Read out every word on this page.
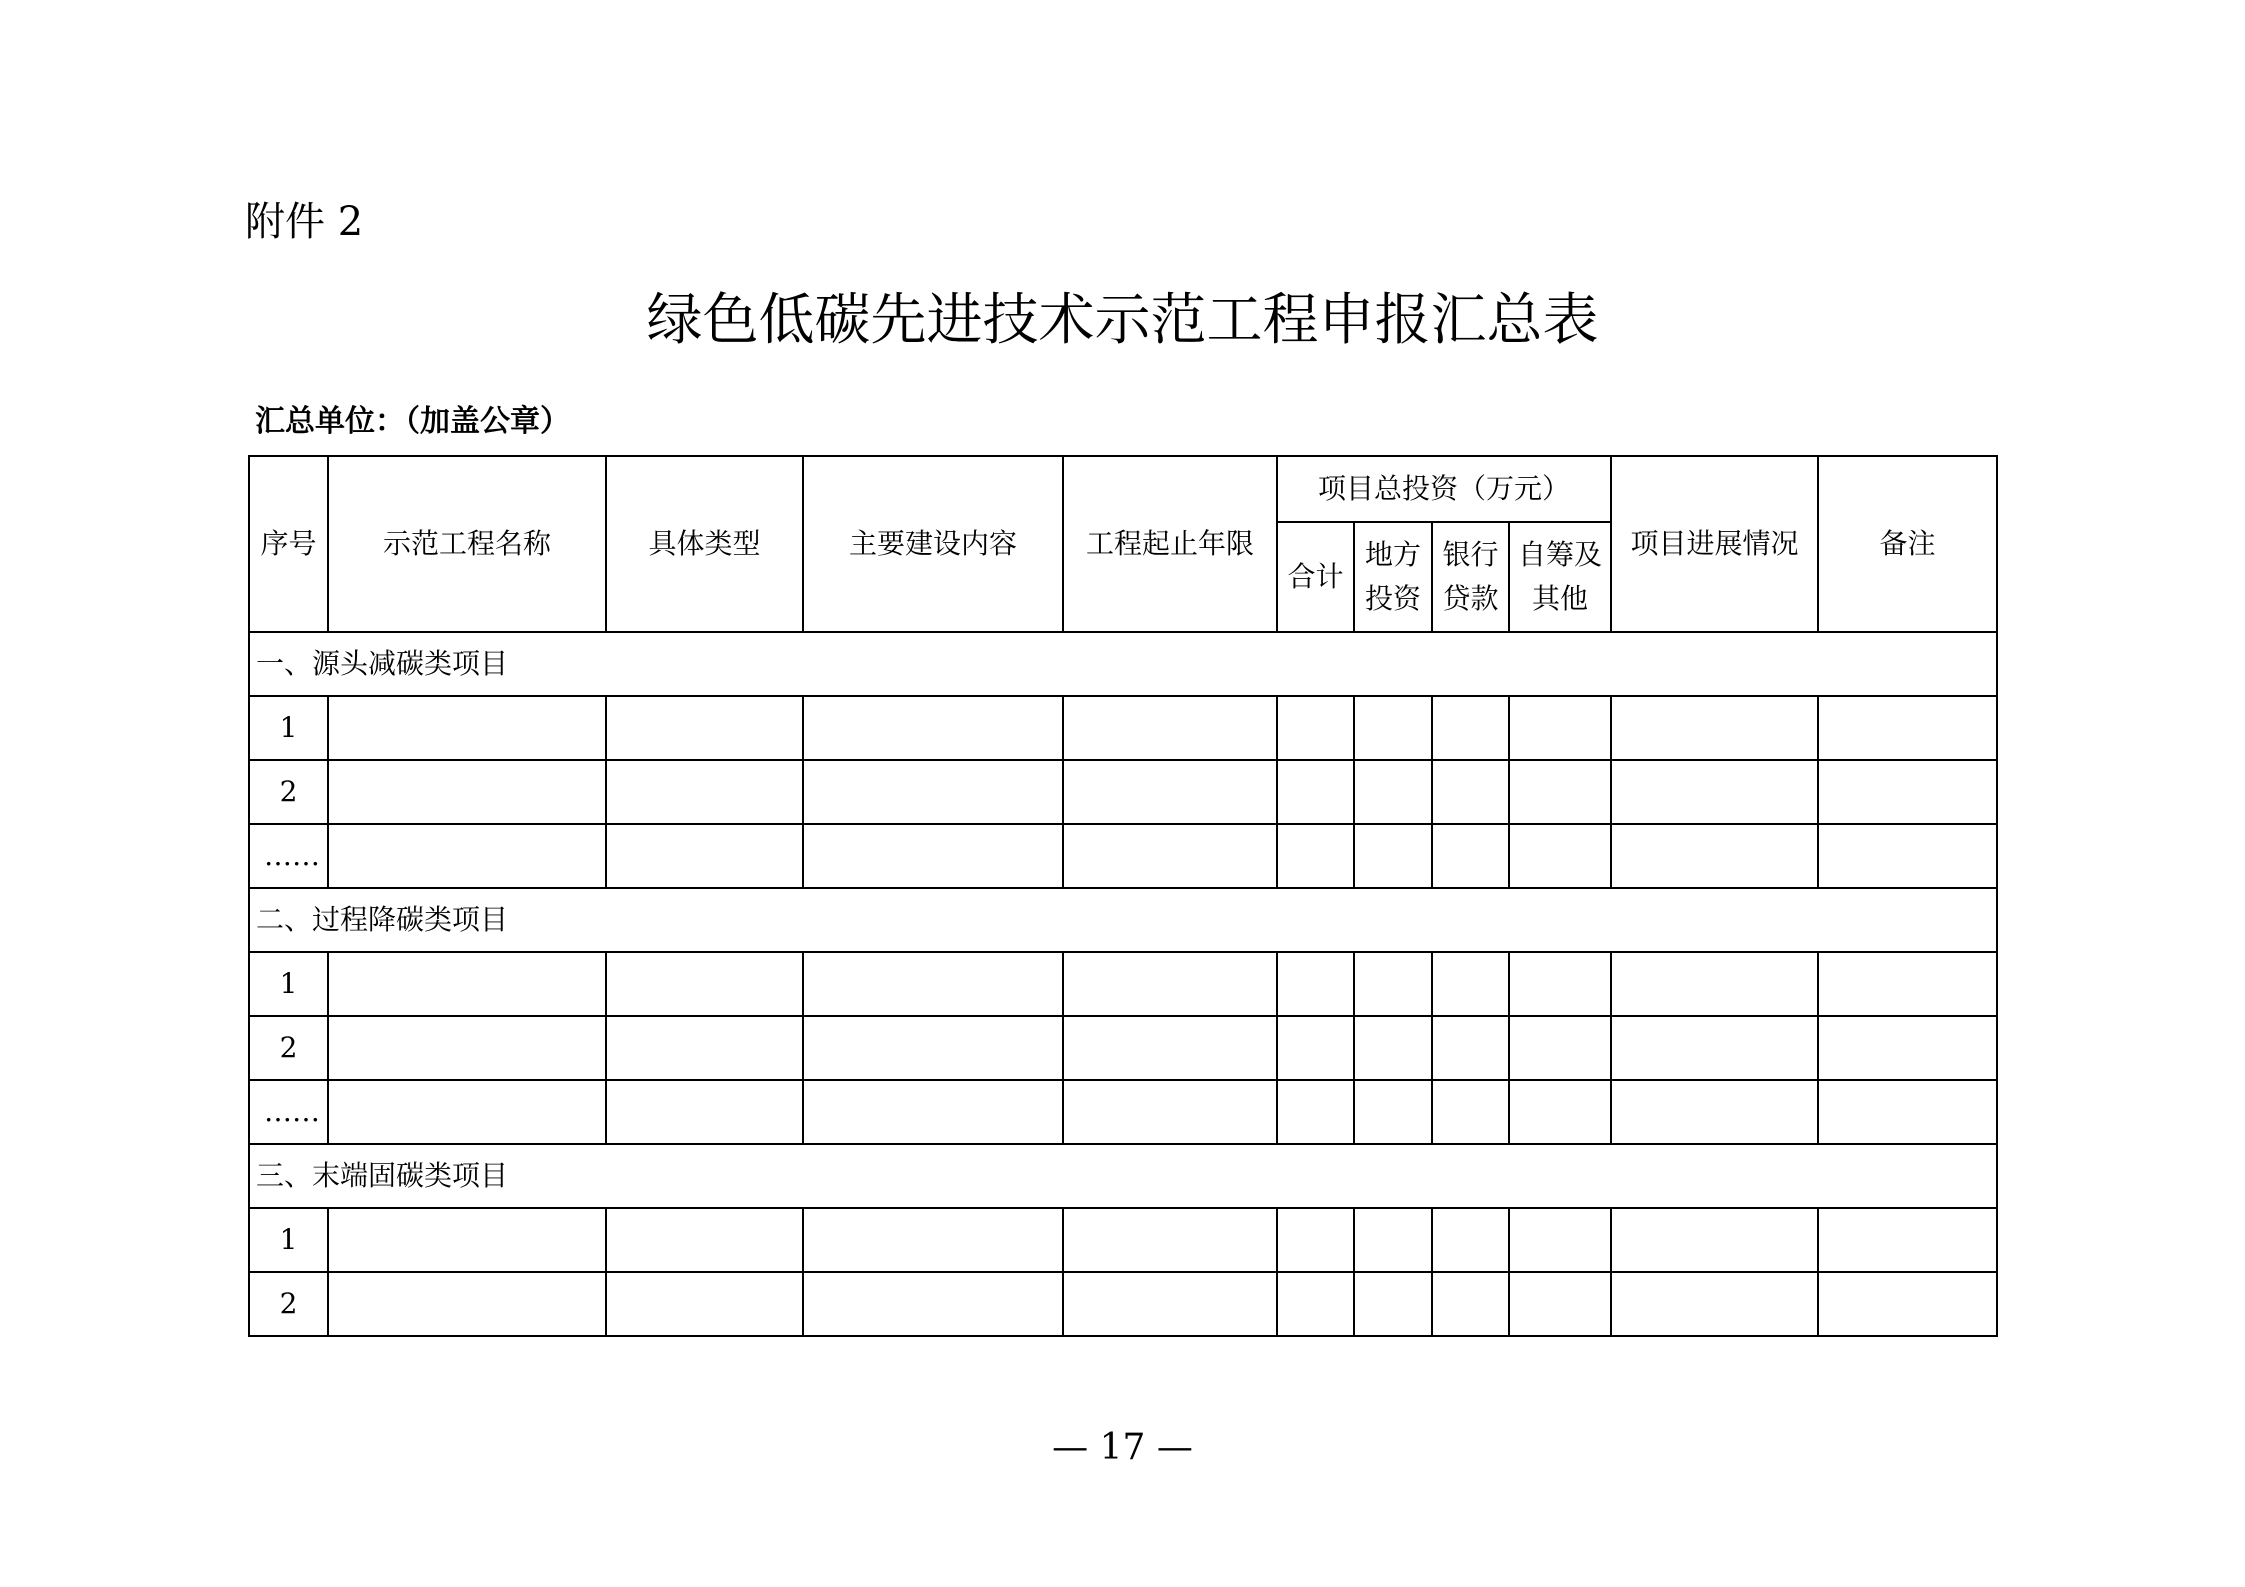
附件 2
绿色低碳先进技术示范工程申报汇总表
汇总单位：（加盖公章）
序号	示范工程名称	具体类型	主要建设内容	工程起止年限	项目总投资（万元）				项目进展情况	备注
					合计	地方投资	银行贷款	自筹及其他		
一、源头减碳类项目										
1										
2										
……										
二、过程降碳类项目										
1										
2										
……										
三、末端固碳类项目										
1										
2										
— 17 —
